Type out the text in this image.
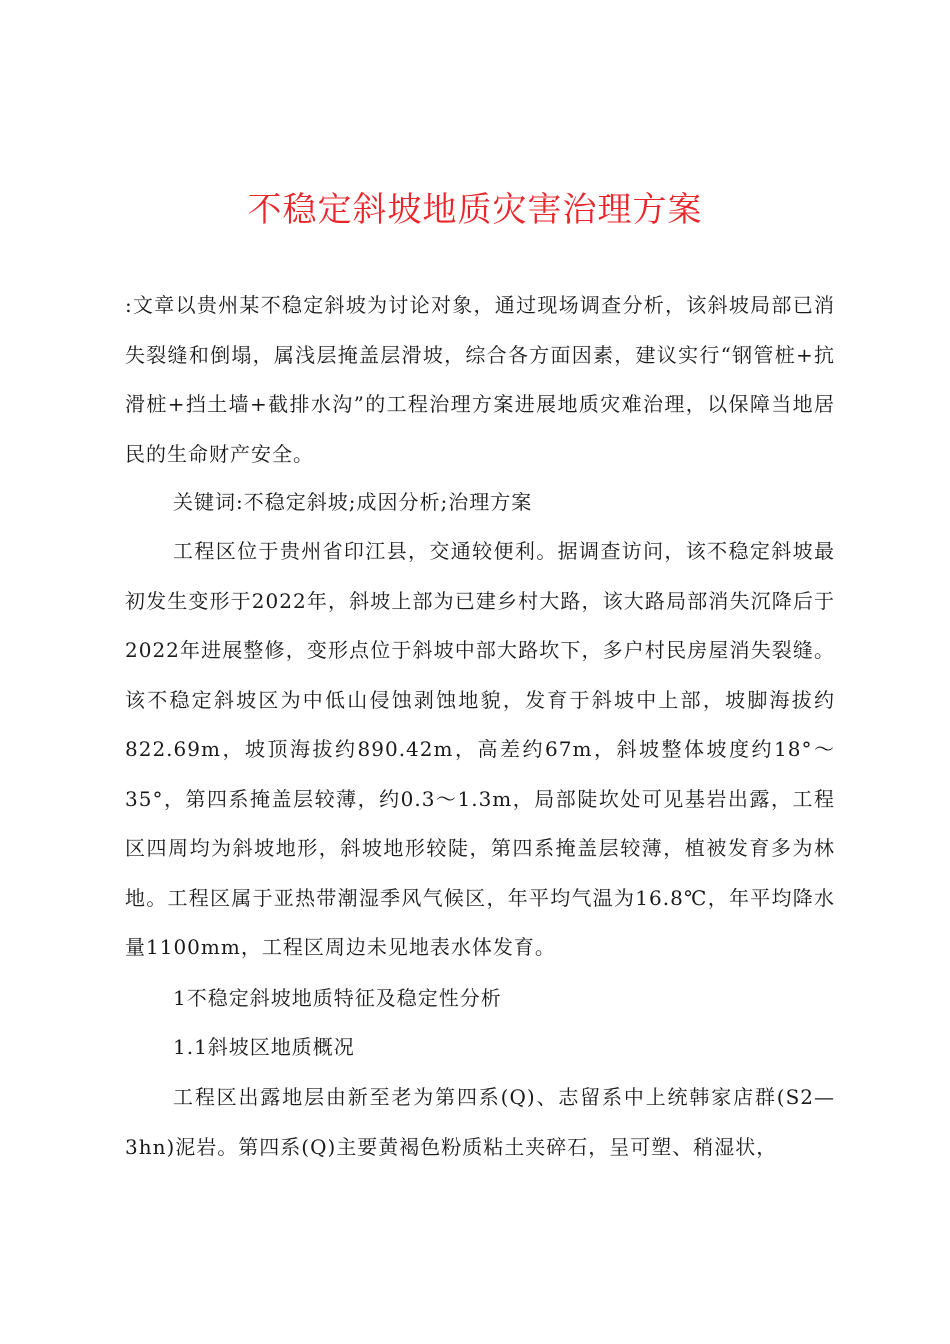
不稳定斜坡地质灾害治理方案

:文章以贵州某不稳定斜坡为讨论对象，通过现场调查分析，该斜坡局部已消失裂缝和倒塌，属浅层掩盖层滑坡，综合各方面因素，建议实行“钢管桩+抗滑桩+挡土墙+截排水沟”的工程治理方案进展地质灾难治理，以保障当地居民的生命财产安全。

关键词:不稳定斜坡;成因分析;治理方案

工程区位于贵州省印江县，交通较便利。据调查访问，该不稳定斜坡最初发生变形于2022年，斜坡上部为已建乡村大路，该大路局部消失沉降后于2022年进展整修，变形点位于斜坡中部大路坎下，多户村民房屋消失裂缝。该不稳定斜坡区为中低山侵蚀剥蚀地貌，发育于斜坡中上部，坡脚海拔约822.69m，坡顶海拔约890.42m，高差约67m，斜坡整体坡度约18°～35°，第四系掩盖层较薄，约0.3～1.3m，局部陡坎处可见基岩出露，工程区四周均为斜坡地形，斜坡地形较陡，第四系掩盖层较薄，植被发育多为林地。工程区属于亚热带潮湿季风气候区，年平均气温为16.8℃，年平均降水量1100mm，工程区周边未见地表水体发育。

1不稳定斜坡地质特征及稳定性分析

1.1斜坡区地质概况

工程区出露地层由新至老为第四系(Q)、志留系中上统韩家店群(S2—3hn)泥岩。第四系(Q)主要黄褐色粉质粘土夹碎石，呈可塑、稍湿状，
